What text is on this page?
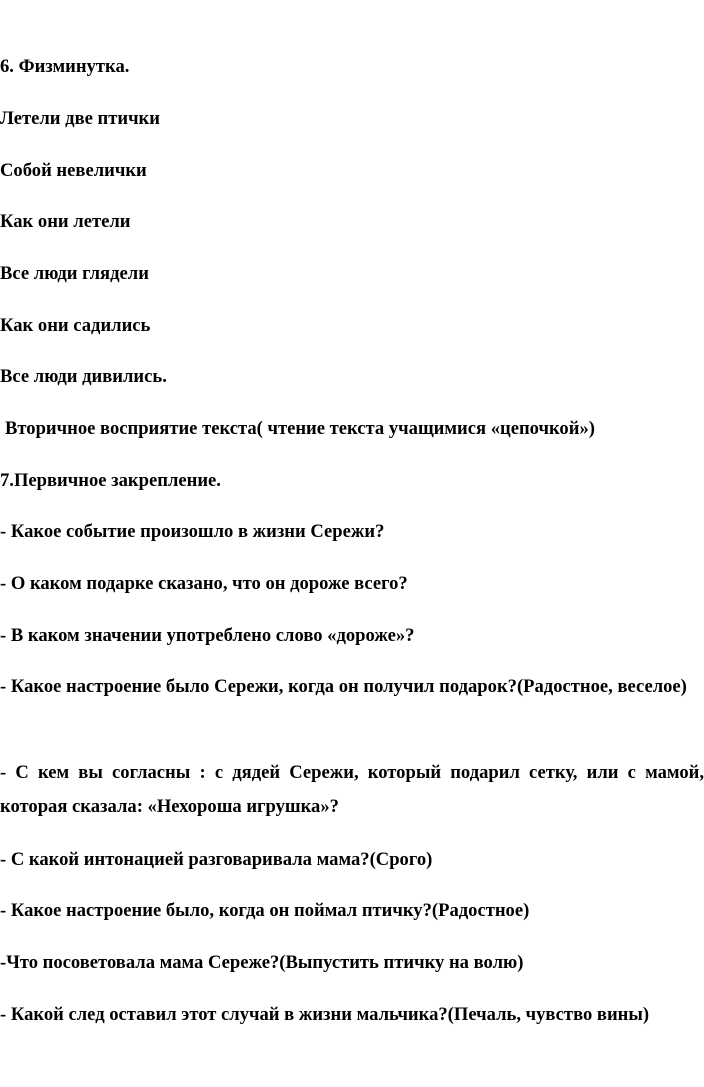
6. Физминутка.

Летели две птички

Собой невелички

Как они летели

Все люди глядели

Как они садились

Все люди дивились.

Вторичное восприятие текста( чтение текста учащимися «цепочкой»)

7.Первичное закрепление.

- Какое событие произошло в жизни Сережи?

- О каком подарке сказано, что он дороже всего?

- В каком значении употреблено слово «дороже»?

- Какое настроение было Сережи, когда он получил подарок?(Радостное, веселое)

- С кем вы согласны : с дядей Сережи, который подарил сетку, или с мамой, которая сказала: «Нехороша игрушка»?

- С какой интонацией разговаривала мама?(Срого)

- Какое настроение было, когда он поймал птичку?(Радостное)

-Что посоветовала мама Сереже?(Выпустить птичку на волю)

- Какой след оставил этот случай в жизни мальчика?(Печаль, чувство вины)
